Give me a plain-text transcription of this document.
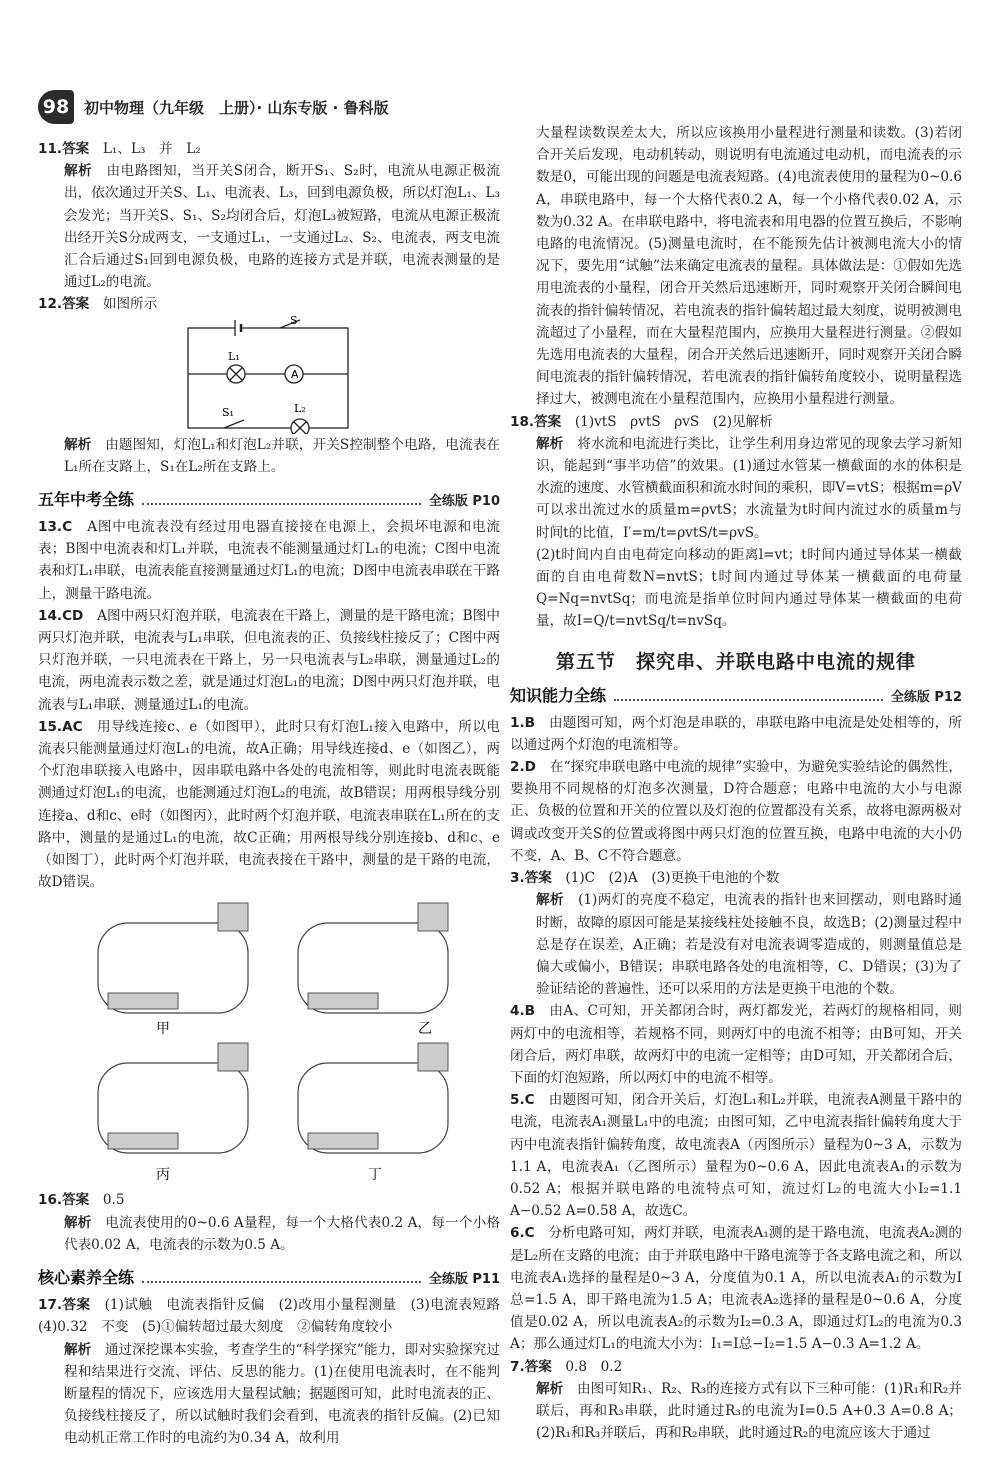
98 初中物理（九年级　上册）· 山东专版 · 鲁科版

11.答案　 L₁、L₃　并　L₂

解析　 由电路图知，当开关S闭合，断开S₁、S₂时，电流从电源正极流出，依次通过开关S、L₁、电流表、L₃，回到电源负极，所以灯泡L₁、L₃会发光；当开关S、S₁、S₂均闭合后，灯泡L₃被短路，电流从电源正极流出经开关S分成两支，一支通过L₁，一支通过L₂、S₂、电流表，两支电流汇合后通过S₁回到电源负极，电路的连接方式是并联，电流表测量的是通过L₂的电流。

12.答案　 如图所示

A
S
L₁
S₁	L₂

解析　 由题图知，灯泡L₁和灯泡L₂并联，开关S控制整个电路，电流表在L₁所在支路上，S₁在L₂所在支路上。

五年中考全练	全练版 P10

13.C　 A图中电流表没有经过用电器直接接在电源上，会损坏电源和电流表；B图中电流表和灯L₁并联，电流表不能测量通过灯L₁的电流；C图中电流表和灯L₁串联，电流表能直接测量通过灯L₁的电流；D图中电流表串联在干路上，测量干路电流。

14.CD　 A图中两只灯泡并联，电流表在干路上，测量的是干路电流；B图中两只灯泡并联，电流表与L₁串联，但电流表的正、负接线柱接反了；C图中两只灯泡并联，一只电流表在干路上，另一只电流表与L₂串联，测量通过L₂的电流，两电流表示数之差，就是通过灯泡L₁的电流；D图中两只灯泡并联，电流表与L₁串联，测量通过L₁的电流。

15.AC　 用导线连接c、e（如图甲），此时只有灯泡L₁接入电路中，所以电流表只能测量通过灯泡L₁的电流，故A正确；用导线连接d、e（如图乙），两个灯泡串联接入电路中，因串联电路中各处的电流相等，则此时电流表既能测通过灯泡L₁的电流，也能测通过灯泡L₂的电流，故B错误；用两根导线分别连接a、d和c、e时（如图丙），此时两个灯泡并联，电流表串联在L₁所在的支路中，测量的是通过L₁的电流，故C正确；用两根导线分别连接b、d和c、e（如图丁），此时两个灯泡并联，电流表接在干路中，测量的是干路的电流，故D错误。

甲	乙
丙	丁

16.答案　 0.5

解析　 电流表使用的0~0.6 A量程，每一个大格代表0.2 A，每一个小格代表0.02 A，电流表的示数为0.5 A。

核心素养全练	全练版 P11

17.答案　 (1)试触　电流表指针反偏　(2)改用小量程测量　(3)电流表短路　(4)0.32　不变　(5)①偏转超过最大刻度　②偏转角度较小

解析　 通过深挖课本实验，考查学生的“科学探究”能力，即对实验探究过程和结果进行交流、评估、反思的能力。(1)在使用电流表时，在不能判断量程的情况下，应该选用大量程试触；据题图可知，此时电流表的正、负接线柱接反了，所以试触时我们会看到，电流表的指针反偏。(2)已知电动机正常工作时的电流约为0.34 A，故利用

大量程读数误差太大，所以应该换用小量程进行测量和读数。(3)若闭合开关后发现，电动机转动，则说明有电流通过电动机，而电流表的示数是0，可能出现的问题是电流表短路。(4)电流表使用的量程为0~0.6 A，串联电路中，每一个大格代表0.2 A，每一个小格代表0.02 A，示数为0.32 A。在串联电路中，将电流表和用电器的位置互换后，不影响电路的电流情况。(5)测量电流时，在不能预先估计被测电流大小的情况下，要先用“试触”法来确定电流表的量程。具体做法是：①假如先选用电流表的小量程，闭合开关然后迅速断开，同时观察开关闭合瞬间电流表的指针偏转情况，若电流表的指针偏转超过最大刻度，说明被测电流超过了小量程，而在大量程范围内，应换用大量程进行测量。②假如先选用电流表的大量程，闭合开关然后迅速断开，同时观察开关闭合瞬间电流表的指针偏转情况，若电流表的指针偏转角度较小，说明量程选择过大，被测电流在小量程范围内，应换用小量程进行测量。

18.答案　 (1)vtS　ρvtS　ρvS　(2)见解析

解析　 将水流和电流进行类比，让学生利用身边常见的现象去学习新知识，能起到“事半功倍”的效果。(1)通过水管某一横截面的水的体积是水流的速度、水管横截面积和流水时间的乘积，即V=vtS；根据m=ρV可以求出流过水的质量m=ρvtS；水流量为t时间内流过水的质量m与时间t的比值，I′=m/t=ρvtS/t=ρvS。

(2)t时间内自由电荷定向移动的距离l=vt；t时间内通过导体某一横截面的自由电荷数N=nvtS；t时间内通过导体某一横截面的电荷量Q=Nq=nvtSq；而电流是指单位时间内通过导体某一横截面的电荷量，故I=Q/t=nvtSq/t=nvSq。

第五节　探究串、并联电路中电流的规律
知识能力全练	全练版 P12

1.B　 由题图可知，两个灯泡是串联的，串联电路中电流是处处相等的，所以通过两个灯泡的电流相等。

2.D　 在“探究串联电路中电流的规律”实验中，为避免实验结论的偶然性，要换用不同规格的灯泡多次测量，D符合题意；电路中电流的大小与电源正、负极的位置和开关的位置以及灯泡的位置都没有关系，故将电源两极对调或改变开关S的位置或将图中两只灯泡的位置互换，电路中电流的大小仍不变，A、B、C不符合题意。

3.答案　 (1)C　(2)A　(3)更换干电池的个数

解析　 (1)两灯的亮度不稳定，电流表的指针也来回摆动，则电路时通时断，故障的原因可能是某接线柱处接触不良，故选B；(2)测量过程中总是存在误差，A正确；若是没有对电流表调零造成的，则测量值总是偏大或偏小，B错误；串联电路各处的电流相等，C、D错误；(3)为了验证结论的普遍性，还可以采用的方法是更换干电池的个数。

4.B　 由A、C可知，开关都闭合时，两灯都发光，若两灯的规格相同，则两灯中的电流相等，若规格不同，则两灯中的电流不相等；由B可知，开关闭合后，两灯串联，故两灯中的电流一定相等；由D可知，开关都闭合后，下面的灯泡短路，所以两灯中的电流不相等。

5.C　 由题图可知，闭合开关后，灯泡L₁和L₂并联，电流表A测量干路中的电流，电流表A₁测量L₁中的电流；由图可知，乙中电流表指针偏转角度大于丙中电流表指针偏转角度，故电流表A（丙图所示）量程为0~3 A，示数为1.1 A，电流表A₁（乙图所示）量程为0~0.6 A，因此电流表A₁的示数为0.52 A；根据并联电路的电流特点可知，流过灯L₂的电流大小I₂=1.1 A−0.52 A=0.58 A，故选C。

6.C　 分析电路可知，两灯并联，电流表A₁测的是干路电流，电流表A₂测的是L₂所在支路的电流；由于并联电路中干路电流等于各支路电流之和，所以电流表A₁选择的量程是0~3 A，分度值为0.1 A，所以电流表A₁的示数为I总=1.5 A，即干路电流为1.5 A；电流表A₂选择的量程是0~0.6 A，分度值是0.02 A，所以电流表A₂的示数为I₂=0.3 A，即通过灯L₂的电流为0.3 A；那么通过灯L₁的电流大小为：I₁=I总−I₂=1.5 A−0.3 A=1.2 A。

7.答案　 0.8　0.2

解析　 由图可知R₁、R₂、R₃的连接方式有以下三种可能：(1)R₁和R₂并联后，再和R₃串联，此时通过R₃的电流为I=0.5 A+0.3 A=0.8 A；(2)R₁和R₃并联后，再和R₂串联，此时通过R₂的电流应该大于通过
